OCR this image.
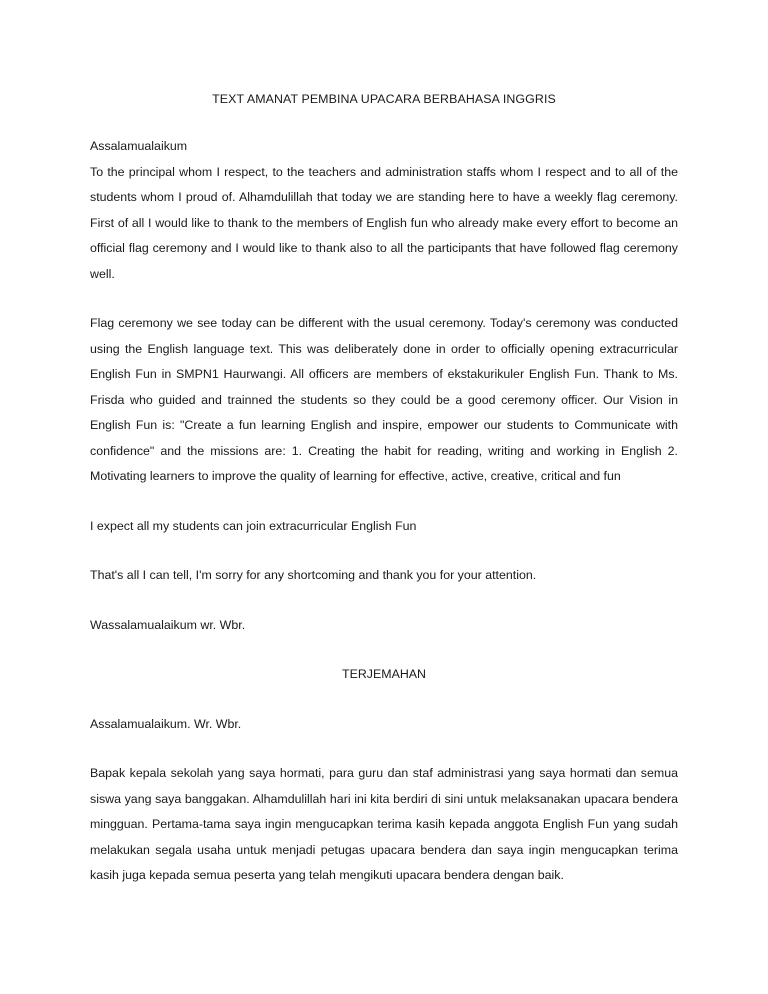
TEXT AMANAT PEMBINA UPACARA BERBAHASA INGGRIS

Assalamualaikum

To the principal whom I respect, to the teachers and administration staffs whom I respect and to all of the students whom I proud of. Alhamdulillah that today we are standing here to have a weekly flag ceremony. First of all I would like to thank to the members of English fun who already make every effort to become an official flag ceremony and I would like to thank also to all the participants that have followed flag ceremony well.

Flag ceremony we see today can be different with the usual ceremony. Today's ceremony was conducted using the English language text. This was deliberately done in order to officially opening extracurricular English Fun in SMPN1 Haurwangi. All officers are members of ekstakurikuler English Fun. Thank to Ms. Frisda who guided and trainned the students so they could be a good ceremony officer. Our Vision in English Fun is: "Create a fun learning English and inspire, empower our students to Communicate with confidence" and the missions are: 1. Creating the habit for reading, writing and working in English 2. Motivating learners to improve the quality of learning for effective, active, creative, critical and fun

I expect all my students can join extracurricular English Fun

That's all I can tell, I'm sorry for any shortcoming and thank you for your attention.

Wassalamualaikum wr. Wbr.

TERJEMAHAN

Assalamualaikum. Wr. Wbr.

Bapak kepala sekolah yang saya hormati, para guru dan staf administrasi yang saya hormati dan semua siswa yang saya banggakan. Alhamdulillah hari ini kita berdiri di sini untuk melaksanakan upacara bendera mingguan. Pertama-tama saya ingin mengucapkan terima kasih kepada anggota English Fun yang sudah melakukan segala usaha untuk menjadi petugas upacara bendera dan saya ingin mengucapkan terima kasih juga kepada semua peserta yang telah mengikuti upacara bendera dengan baik.
